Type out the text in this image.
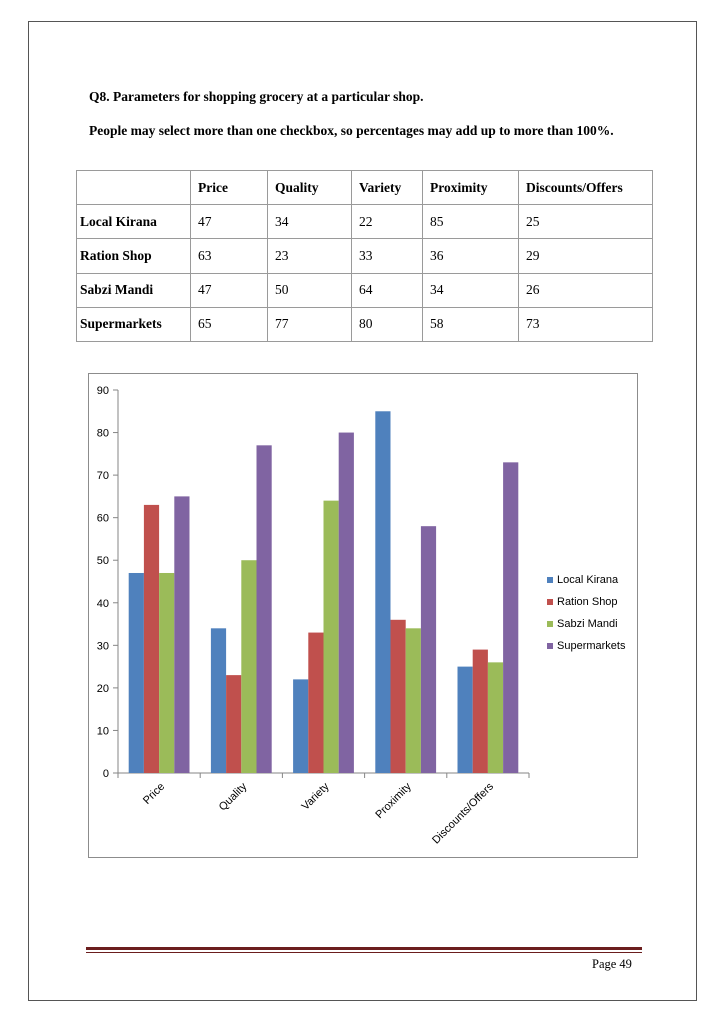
Q8. Parameters for shopping grocery at a particular shop.

People may select more than one checkbox, so percentages may add up to more than 100%.

	Price	Quality	Variety	Proximity	Discounts/Offers
Local Kirana	47	34	22	85	25
Ration Shop	63	23	33	36	29
Sabzi Mandi	47	50	64	34	26
Supermarkets	65	77	80	58	73
0
10
20
30
40
50
60
70
80
90
Price	Quality	Variety	Proximity Discounts/Offers
Local Kirana
Ration Shop
Sabzi Mandi
Supermarkets

Page 49
